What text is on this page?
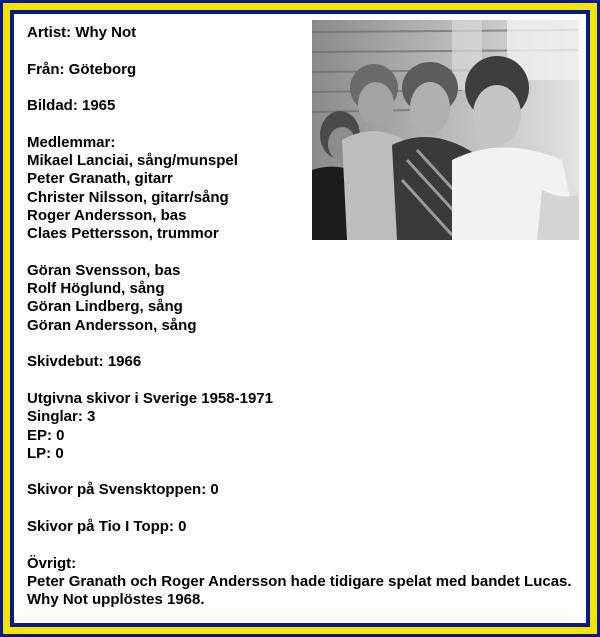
Artist: Why Not

Från: Göteborg

Bildad: 1965

Medlemmar:
Mikael Lanciai, sång/munspel
Peter Granath, gitarr
Christer Nilsson, gitarr/sång
Roger Andersson, bas
Claes Pettersson, trummor

Göran Svensson, bas
Rolf Höglund, sång
Göran Lindberg, sång
Göran Andersson, sång

Skivdebut: 1966

Utgivna skivor i Sverige 1958-1971
Singlar: 3
EP: 0
LP: 0

Skivor på Svensktoppen: 0

Skivor på Tio I Topp: 0

Övrigt:
Peter Granath och Roger Andersson hade tidigare spelat med bandet Lucas. Why Not upplöstes 1968.
